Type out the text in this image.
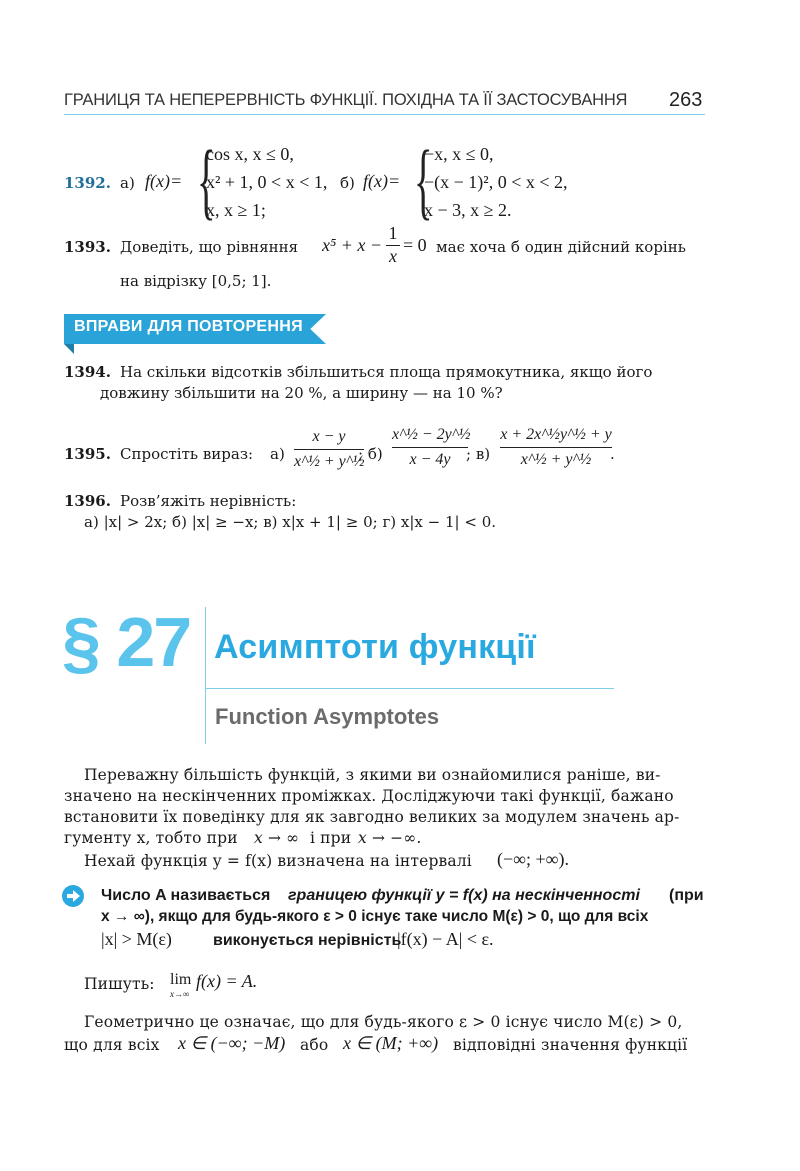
ГРАНИЦЯ ТА НЕПЕРЕРВНІСТЬ ФУНКЦІЇ. ПОХІДНА ТА ЇЇ ЗАСТОСУВАННЯ 263
1392. а) f(x)= {
cos x, x ≤ 0,
x² + 1, 0 < x < 1,
x, x ≥ 1;
б) f(x)= {
−x, x ≤ 0,
−(x − 1)², 0 < x < 2,
x − 3, x ≥ 2.
1393. Доведіть, що рівняння x⁵ + x −
1
x
= 0 має хоча б один дійсний корінь
на відрізку [0,5; 1].
ВПРАВИ ДЛЯ ПОВТОРЕННЯ
1394. На скільки відсотків збільшиться площа прямокутника, якщо його
довжину збільшити на 20 %, а ширину — на 10 %?
1395. Спростіть вираз: а)
x − y
x^½ + y^½
; б)
x^½ − 2y^½
x − 4y	; в)
x + 2x^½y^½ + y
x^½ + y^½	.
1396. Розв’яжіть нерівність:
а) |x| > 2x; б) |x| ≥ −x; в) x|x + 1| ≥ 0; г) x|x − 1| < 0.
§ 27 Асимптоти функції
Function Asymptotes
Переважну більшість функцій, з якими ви ознайомилися раніше, ви-
значено на нескінченних проміжках. Досліджуючи такі функції, бажано
встановити їх поведінку для як завгодно великих за модулем значень ар-
гументу x, тобто при x → ∞ і при x → −∞.
Нехай функція y = f(x) визначена на інтервалі (−∞; +∞).
Число A називається границею функції y = f(x) на нескінченності (при
x → ∞), якщо для будь-якого ε > 0 існує таке число M(ε) > 0, що для всіх
|x| > M(ε)	виконується нерівність
|f(x) − A| < ε.
Пишуть: lim
x→∞
f(x) = A.
Геометрично це означає, що для будь-якого ε > 0 існує число M(ε) > 0,
що для всіх x ∈ (−∞; −M) або x ∈ (M; +∞) відповідні значення функції
